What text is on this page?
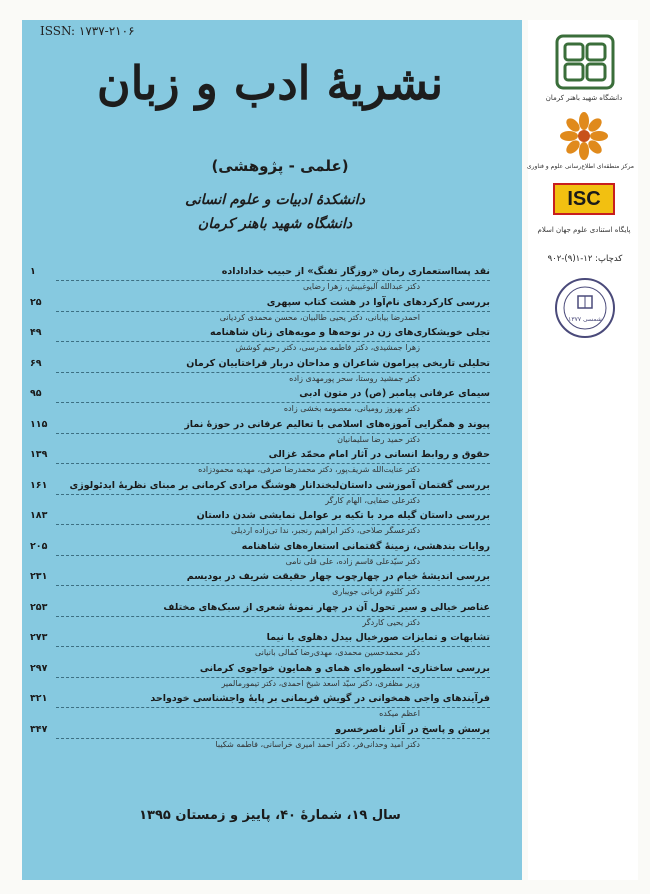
ISSN: ۱۷۳۷-۲۱۰۶
نشریهٔ ادب و زبان
(علمی - پژوهشی)
دانشکدهٔ ادبیات و علوم انسانی
دانشگاه شهید باهنر کرمان
نقد پسااستعماری رمان «روزگار تفنگ» از حبیب خداداداده
۱
دکتر عبدالله آلبوغبیش، زهرا رضایی
بررسی کارکردهای نام‌آوا در هشت کتاب سپهری
۲۵
احمدرضا بیابانی، دکتر یحیی طالبیان، محسن محمدی کردیانی
تجلی خویشکاری‌های زن در نوحه‌ها و مویه‌های زنان شاهنامه
۴۹
زهرا جمشیدی، دکتر فاطمه مدرسی، دکتر رحیم کوشش
تحلیلی تاریخی پیرامون شاعران و مداحان دربار قراختاییان کرمان
۶۹
دکتر جمشید روستا، سحر پورمهدی زاده
سیمای عرفانی پیامبر (ص) در متون ادبی
۹۵
دکتر بهروز رومیانی، معصومه بخشی زاده
پیوند و همگرایی آموزه‌های اسلامی با تعالیم عرفانی در حوزهٔ نماز
۱۱۵
دکتر حمید رضا سلیمانیان
حقوق و روابط انسانی در آثار امام محمّد غزالی
۱۳۹
دکتر عنایت‌الله شریف‌پور، دکتر محمدرضا صرفی، مهدیه محمودزاده
بررسی گفتمان آموزشی داستان‌لبخندانار هوشنگ مرادی کرمانی بر مبنای نظریهٔ ایدئولوژی
۱۶۱
دکترعلی صفایی، الهام کارگر
بررسی داستان گیله مرد با تکیه بر عوامل نمایشی شدن داستان
۱۸۳
دکترعسگر صلاحی، دکتر ابراهیم رنجبر، ندا تی‌زاده اردیلی
روایات بندهشی، زمینهٔ گفتمانی استعاره‌های شاهنامه
۲۰۵
دکتر سیّدعلی قاسم زاده، علی قلی نامی
بررسی اندیشهٔ خیام در چهارچوب چهار حقیقت شریف در بودیسم
۲۳۱
دکتر کلثوم قربانی جویباری
عناصر خیالی و سیر تحول آن در چهار نمونهٔ شعری از سبک‌های مختلف
۲۵۳
دکتر یحیی کاردگر
تشابهات و تمایزات صورخیال بیدل دهلوی با نیما
۲۷۳
دکتر محمدحسین محمدی، مهدی‌رضا کمالی بانیانی
بررسی ساختاری- اسطوره‌ای همای و همایون خواجوی کرمانی
۲۹۷
وزیر مظفری، دکتر سیّد اسعد شیخ احمدی، دکتر تیمورمالمیر
فرآیندهای واجی همخوانی در گویش فریمانی بر پایهٔ واجشناسی خودواحد
۳۲۱
اعظم میکده
پرسش و پاسخ در آثار ناصرخسرو
۳۴۷
دکتر امید وحدانی‌فر، دکتر احمد امیری خراسانی، فاطمه شکیبا
سال ۱۹، شمارهٔ ۴۰، پاییز و زمستان ۱۳۹۵
دانشگاه شهید باهنر کرمان
مرکز منطقه‌ای اطلاع‌رسانی علوم و فناوری
ISC
پایگاه استنادی علوم جهان اسلام
کدچاپ: ۱۲-۱(۹)-۹۰۲
شمسی ۱۳۷۷
